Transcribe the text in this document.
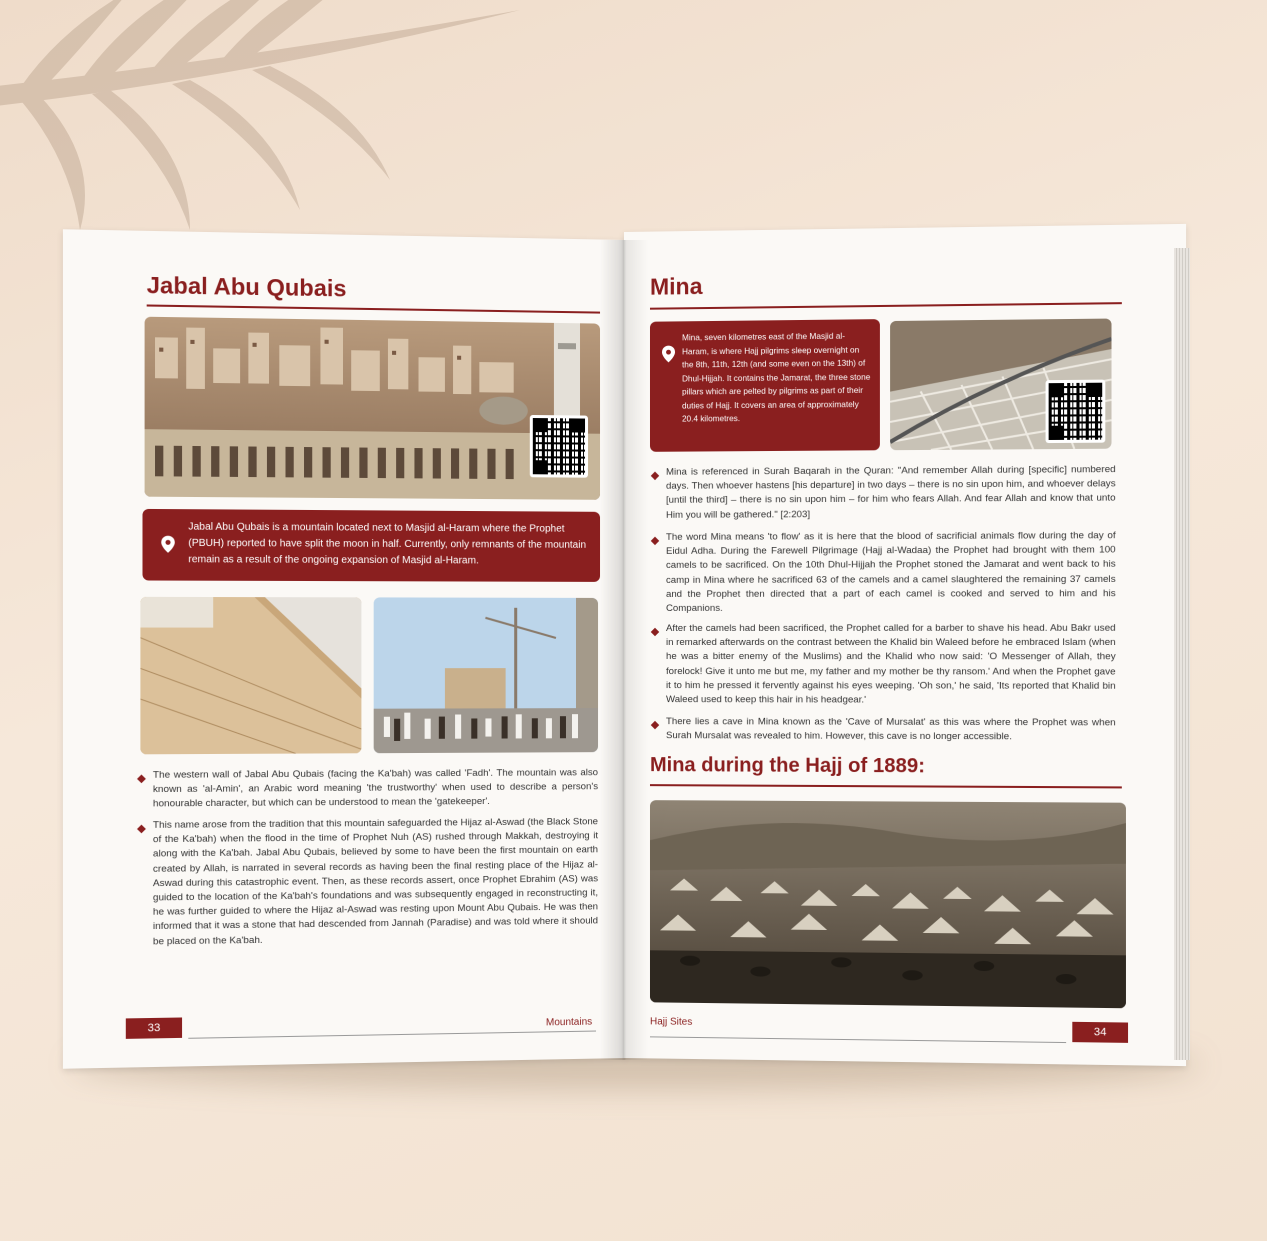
Jabal Abu Qubais
Jabal Abu Qubais is a mountain located next to Masjid al-Haram where the Prophet (PBUH) reported to have split the moon in half. Currently, only remnants of the mountain remain as a result of the ongoing expansion of Masjid al-Haram.
The western wall of Jabal Abu Qubais (facing the Ka'bah) was called 'Fadh'. The mountain was also known as 'al-Amin', an Arabic word meaning 'the trustworthy' when used to describe a person's honourable character, but which can be understood to mean the 'gatekeeper'.
This name arose from the tradition that this mountain safeguarded the Hijaz al-Aswad (the Black Stone of the Ka'bah) when the flood in the time of Prophet Nuh (AS) rushed through Makkah, destroying it along with the Ka'bah. Jabal Abu Qubais, believed by some to have been the first mountain on earth created by Allah, is narrated in several records as having been the final resting place of the Hijaz al-Aswad during this catastrophic event. Then, as these records assert, once Prophet Ebrahim (AS) was guided to the location of the Ka'bah's foundations and was subsequently engaged in reconstructing it, he was further guided to where the Hijaz al-Aswad was resting upon Mount Abu Qubais. He was then informed that it was a stone that had descended from Jannah (Paradise) and was told where it should be placed on the Ka'bah.
33	Mountains
Mina
Mina, seven kilometres east of the Masjid al-Haram, is where Hajj pilgrims sleep overnight on the 8th, 11th, 12th (and some even on the 13th) of Dhul-Hijjah. It contains the Jamarat, the three stone pillars which are pelted by pilgrims as part of their duties of Hajj. It covers an area of approximately 20.4 kilometres.
Mina is referenced in Surah Baqarah in the Quran: "And remember Allah during [specific] numbered days. Then whoever hastens [his departure] in two days – there is no sin upon him, and whoever delays [until the third] – there is no sin upon him – for him who fears Allah. And fear Allah and know that unto Him you will be gathered." [2:203]
The word Mina means 'to flow' as it is here that the blood of sacrificial animals flow during the day of Eidul Adha. During the Farewell Pilgrimage (Hajj al-Wadaa) the Prophet had brought with them 100 camels to be sacrificed. On the 10th Dhul-Hijjah the Prophet stoned the Jamarat and went back to his camp in Mina where he sacrificed 63 of the camels and a camel slaughtered the remaining 37 camels and the Prophet then directed that a part of each camel is cooked and served to him and his Companions.
After the camels had been sacrificed, the Prophet called for a barber to shave his head. Abu Bakr used in remarked afterwards on the contrast between the Khalid bin Waleed before he embraced Islam (when he was a bitter enemy of the Muslims) and the Khalid who now said: 'O Messenger of Allah, they forelock! Give it unto me but me, my father and my mother be thy ransom.' And when the Prophet gave it to him he pressed it fervently against his eyes weeping. 'Oh son,' he said, 'Its reported that Khalid bin Waleed used to keep this hair in his headgear.'
There lies a cave in Mina known as the 'Cave of Mursalat' as this was where the Prophet was when Surah Mursalat was revealed to him. However, this cave is no longer accessible.
Mina during the Hajj of 1889:
Hajj Sites
34
